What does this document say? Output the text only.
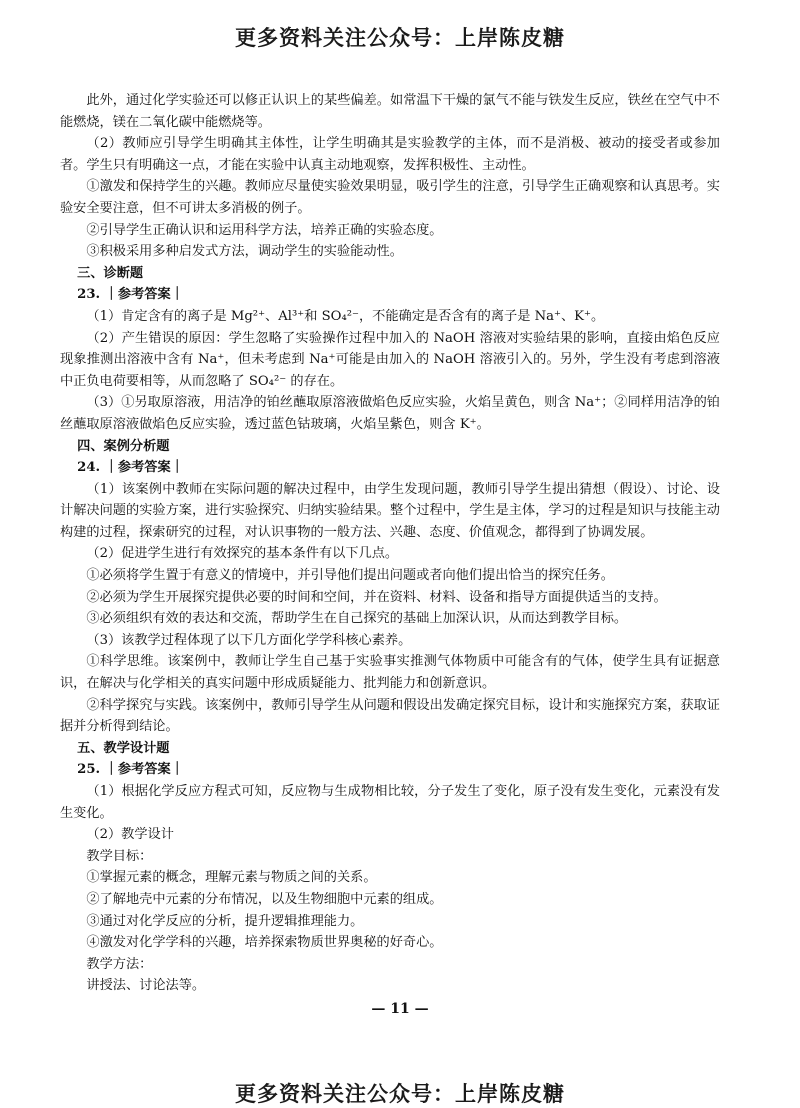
更多资料关注公众号：上岸陈皮糖

此外，通过化学实验还可以修正认识上的某些偏差。如常温下干燥的氯气不能与铁发生反应，铁丝在空气中不能燃烧，镁在二氧化碳中能燃烧等。

（2）教师应引导学生明确其主体性，让学生明确其是实验教学的主体，而不是消极、被动的接受者或参加者。学生只有明确这一点，才能在实验中认真主动地观察，发挥积极性、主动性。

①激发和保持学生的兴趣。教师应尽量使实验效果明显，吸引学生的注意，引导学生正确观察和认真思考。实验安全要注意，但不可讲太多消极的例子。

②引导学生正确认识和运用科学方法，培养正确的实验态度。

③积极采用多种启发式方法，调动学生的实验能动性。

三、诊断题

23. ｜参考答案｜

（1）肯定含有的离子是 Mg²⁺、Al³⁺和 SO₄²⁻，不能确定是否含有的离子是 Na⁺、K⁺。

（2）产生错误的原因：学生忽略了实验操作过程中加入的 NaOH 溶液对实验结果的影响，直接由焰色反应现象推测出溶液中含有 Na⁺，但未考虑到 Na⁺可能是由加入的 NaOH 溶液引入的。另外，学生没有考虑到溶液中正负电荷要相等，从而忽略了 SO₄²⁻ 的存在。

（3）①另取原溶液，用洁净的铂丝蘸取原溶液做焰色反应实验，火焰呈黄色，则含 Na⁺；②同样用洁净的铂丝蘸取原溶液做焰色反应实验，透过蓝色钴玻璃，火焰呈紫色，则含 K⁺。

四、案例分析题

24. ｜参考答案｜

（1）该案例中教师在实际问题的解决过程中，由学生发现问题，教师引导学生提出猜想（假设）、讨论、设计解决问题的实验方案，进行实验探究、归纳实验结果。整个过程中，学生是主体，学习的过程是知识与技能主动构建的过程，探索研究的过程，对认识事物的一般方法、兴趣、态度、价值观念，都得到了协调发展。

（2）促进学生进行有效探究的基本条件有以下几点。

①必须将学生置于有意义的情境中，并引导他们提出问题或者向他们提出恰当的探究任务。

②必须为学生开展探究提供必要的时间和空间，并在资料、材料、设备和指导方面提供适当的支持。

③必须组织有效的表达和交流，帮助学生在自己探究的基础上加深认识，从而达到教学目标。

（3）该教学过程体现了以下几方面化学学科核心素养。

①科学思维。该案例中，教师让学生自己基于实验事实推测气体物质中可能含有的气体，使学生具有证据意识，在解决与化学相关的真实问题中形成质疑能力、批判能力和创新意识。

②科学探究与实践。该案例中，教师引导学生从问题和假设出发确定探究目标，设计和实施探究方案，获取证据并分析得到结论。

五、教学设计题

25. ｜参考答案｜

（1）根据化学反应方程式可知，反应物与生成物相比较，分子发生了变化，原子没有发生变化，元素没有发生变化。

（2）教学设计

教学目标：

①掌握元素的概念，理解元素与物质之间的关系。

②了解地壳中元素的分布情况，以及生物细胞中元素的组成。

③通过对化学反应的分析，提升逻辑推理能力。

④激发对化学学科的兴趣，培养探索物质世界奥秘的好奇心。

教学方法：

讲授法、讨论法等。

— 11 —
更多资料关注公众号：上岸陈皮糖
